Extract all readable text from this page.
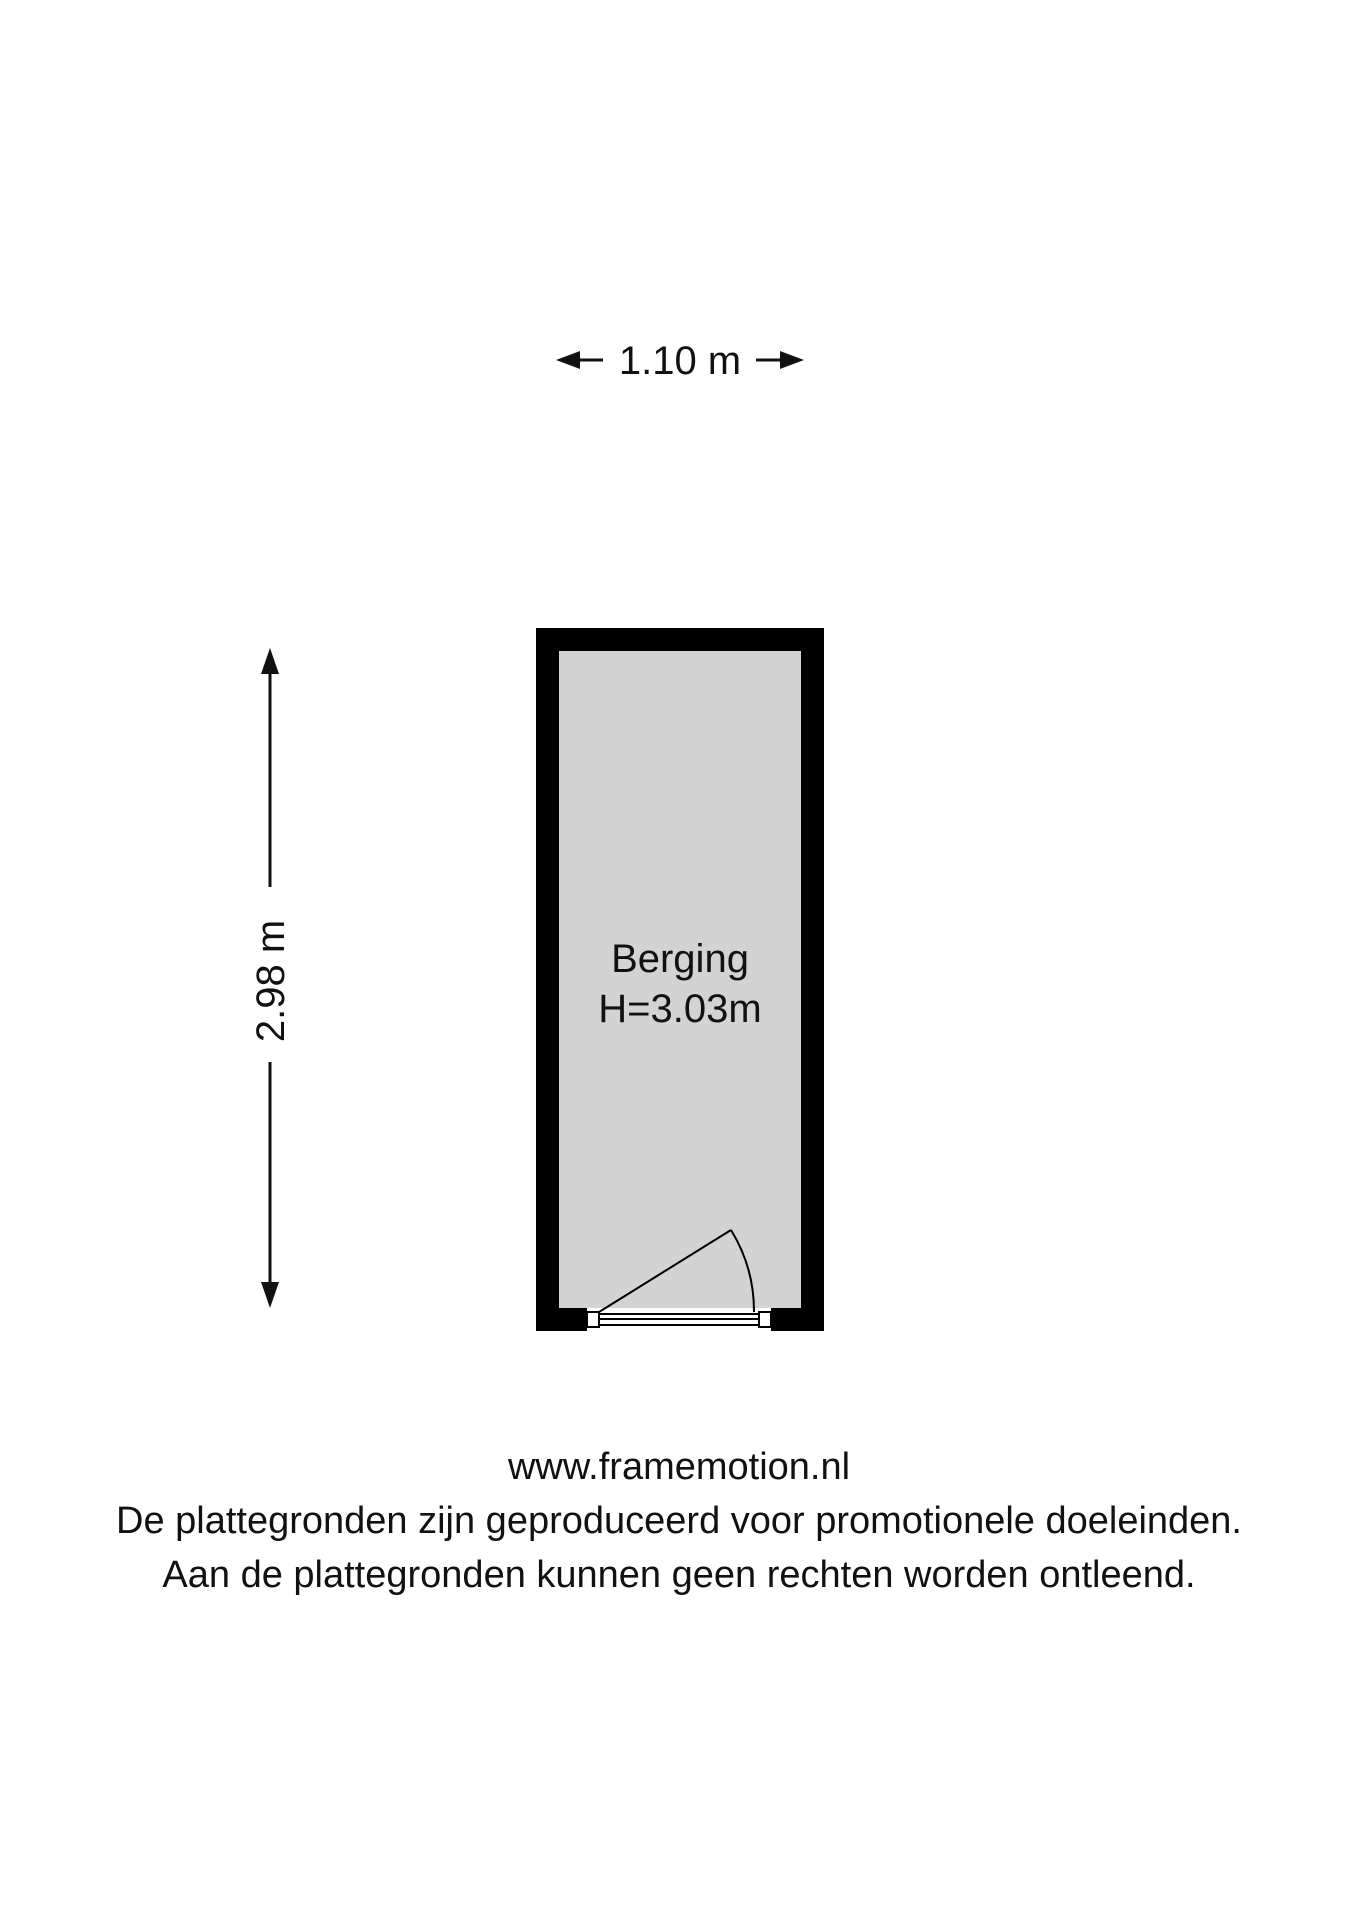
1.10 m
2.98 m	Berging
H=3.03m
www.framemotion.nl
De plattegronden zijn geproduceerd voor promotionele doeleinden.
Aan de plattegronden kunnen geen rechten worden ontleend.
